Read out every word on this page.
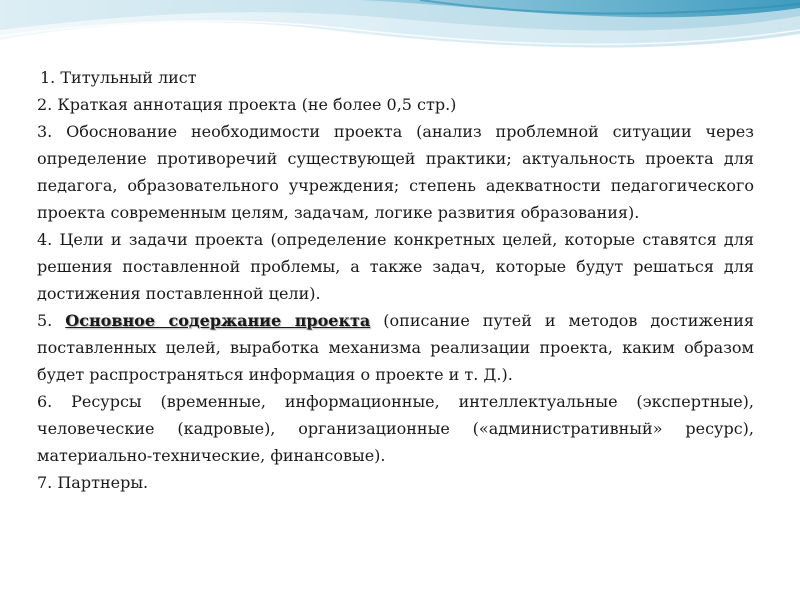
1. Титульный лист

2. Краткая аннотация проекта (не более 0,5 стр.)

3. Обоснование необходимости проекта (анализ проблемной ситуации через определение противоречий существующей практики; актуальность проекта для педагога, образовательного учреждения; степень адекватности педагогического проекта современным целям, задачам, логике развития образования).

4. Цели и задачи проекта (определение конкретных целей, которые ставятся для решения поставленной проблемы, а также задач, которые будут решаться для достижения поставленной цели).

5. Основное содержание проекта (описание путей и методов достижения поставленных целей, выработка механизма реализации проекта, каким образом будет распространяться информация о проекте и т. Д.).

6. Ресурсы (временные, информационные, интеллектуальные (экспертные), человеческие (кадровые), организационные («административный» ресурс), материально-технические, финансовые).

7. Партнеры.
